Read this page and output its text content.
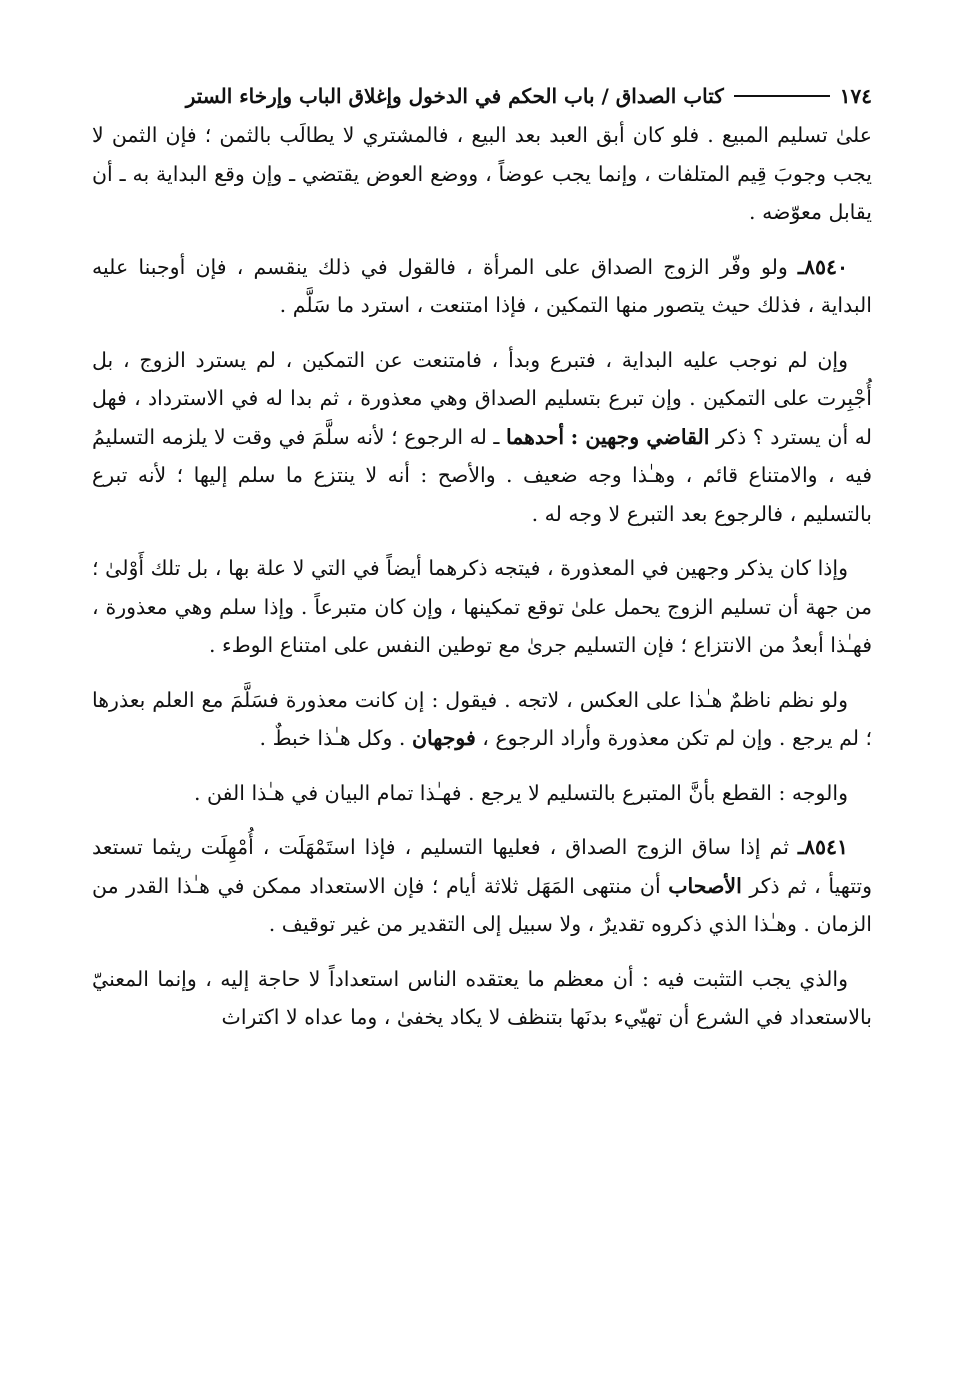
١٧٤
كتاب الصداق / باب الحكم في الدخول وإغلاق الباب وإرخاء الستر

علىٰ تسليم المبيع . فلو كان أبق العبد بعد البيع ، فالمشتري لا يطالَب بالثمن ؛ فإن الثمن لا يجب وجوبَ قِيم المتلفات ، وإنما يجب عوضاً ، ووضع العوض يقتضي ـ وإن وقع البداية به ـ أن يقابل معوّضه .

٨٥٤٠ـ ولو وفّر الزوج الصداق على المرأة ، فالقول في ذلك ينقسم ، فإن أوجبنا عليه البداية ، فذلك حيث يتصور منها التمكين ، فإذا امتنعت ، استرد ما سَلَّم .

وإن لم نوجب عليه البداية ، فتبرع وبدأ ، فامتنعت عن التمكين ، لم يسترد الزوج ، بل أُجْبِرت على التمكين . وإن تبرع بتسليم الصداق وهي معذورة ، ثم بدا له في الاسترداد ، فهل له أن يسترد ؟ ذكر القاضي وجهين : أحدهما ـ له الرجوع ؛ لأنه سلَّمَ في وقت لا يلزمه التسليمُ فيه ، والامتناع قائم ، وهـٰذا وجه ضعيف . والأصح : أنه لا ينتزع ما سلم إليها ؛ لأنه تبرع بالتسليم ، فالرجوع بعد التبرع لا وجه له .

وإذا كان يذكر وجهين في المعذورة ، فيتجه ذكرهما أيضاً في التي لا علة بها ، بل تلك أَوْلىٰ ؛ من جهة أن تسليم الزوج يحمل علىٰ توقع تمكينها ، وإن كان متبرعاً . وإذا سلم وهي معذورة ، فهـٰذا أبعدُ من الانتزاع ؛ فإن التسليم جرىٰ مع توطين النفس على امتناع الوطء .

ولو نظم ناظمٌ هـٰذا على العكس ، لاتجه . فيقول : إن كانت معذورة فسَلَّمَ مع العلم بعذرها ؛ لم يرجع . وإن لم تكن معذورة وأراد الرجوع ، فوجهان . وكل هـٰذا خبطٌ .

والوجه : القطع بأنَّ المتبرع بالتسليم لا يرجع . فهـٰذا تمام البيان في هـٰذا الفن .

٨٥٤١ـ ثم إذا ساق الزوج الصداق ، فعليها التسليم ، فإذا استَمْهَلَت ، أُمْهِلَت ريثما تستعد وتتهيأ ، ثم ذكر الأصحاب أن منتهى المَهَل ثلاثة أيام ؛ فإن الاستعداد ممكن في هـٰذا القدر من الزمان . وهـٰذا الذي ذكروه تقديرٌ ، ولا سبيل إلى التقدير من غير توقيف .

والذي يجب التثبت فيه : أن معظم ما يعتقده الناس استعداداً لا حاجة إليه ، وإنما المعنيّ بالاستعداد في الشرع أن تهيّيء بدنَها بتنظف لا يكاد يخفىٰ ، وما عداه لا اكتراث
